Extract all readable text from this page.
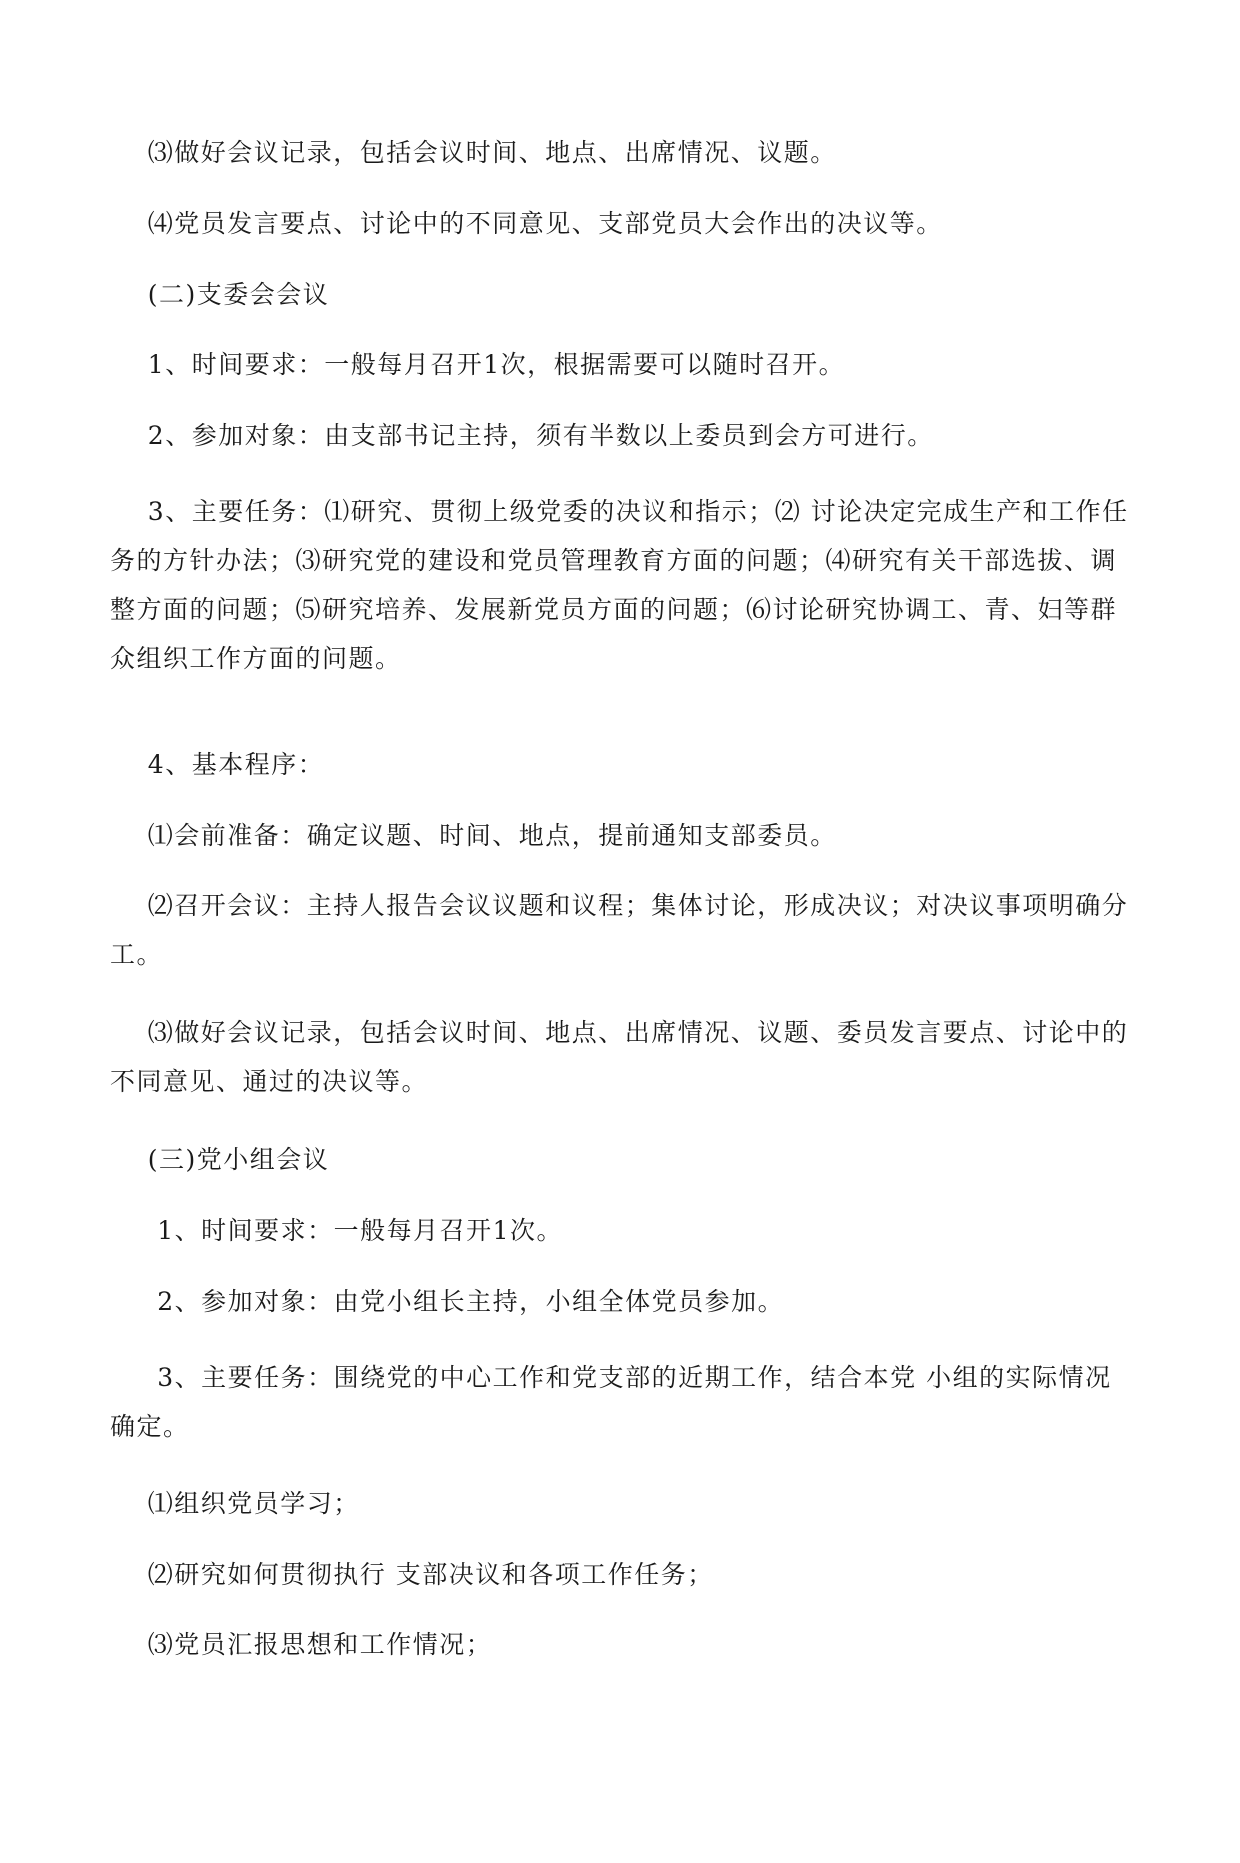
⑶做好会议记录，包括会议时间、地点、出席情况、议题。

⑷党员发言要点、讨论中的不同意见、支部党员大会作出的决议等。

(二)支委会会议

1、时间要求：一般每月召开1次，根据需要可以随时召开。

2、参加对象：由支部书记主持，须有半数以上委员到会方可进行。

3、主要任务：⑴研究、贯彻上级党委的决议和指示；⑵ 讨论决定完成生产和工作任务的方针办法；⑶研究党的建设和党员管理教育方面的问题；⑷研究有关干部选拔、调整方面的问题；⑸研究培养、发展新党员方面的问题；⑹讨论研究协调工、青、妇等群众组织工作方面的问题。

4、基本程序：

⑴会前准备：确定议题、时间、地点，提前通知支部委员。

⑵召开会议：主持人报告会议议题和议程；集体讨论，形成决议；对决议事项明确分工。

⑶做好会议记录，包括会议时间、地点、出席情况、议题、委员发言要点、讨论中的不同意见、通过的决议等。

(三)党小组会议

1、时间要求：一般每月召开1次。

2、参加对象：由党小组长主持，小组全体党员参加。

3、主要任务：围绕党的中心工作和党支部的近期工作，结合本党 小组的实际情况确定。

⑴组织党员学习；

⑵研究如何贯彻执行 支部决议和各项工作任务；

⑶党员汇报思想和工作情况；
